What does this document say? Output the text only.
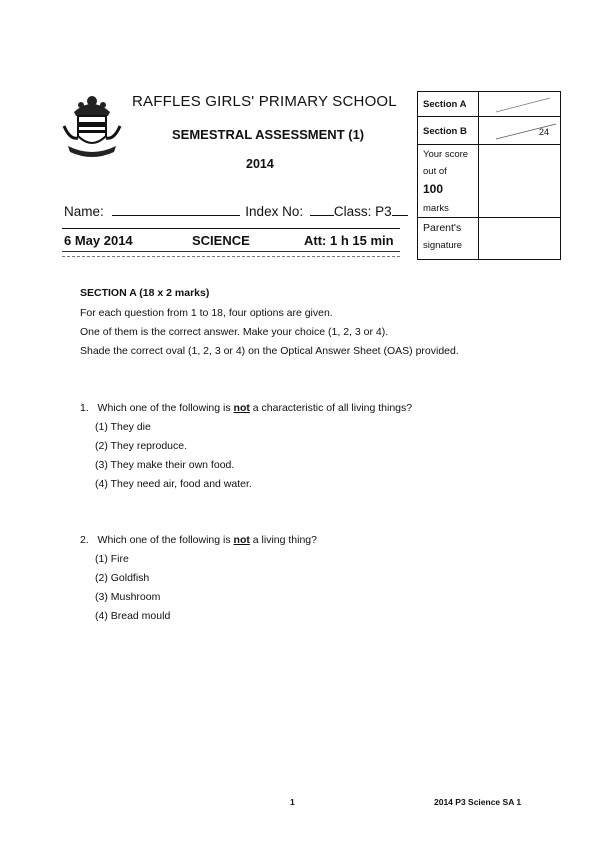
RAFFLES GIRLS' PRIMARY SCHOOL
SEMESTRAL ASSESSMENT (1)
2014
Name:	Index No: Class: P3
6 May 2014	SCIENCE	Att: 1 h 15 min
Section A
Section B	24
Your score
out of
100
marks
Parent's
signature
SECTION A (18 x 2 marks)
For each question from 1 to 18, four options are given.
One of them is the correct answer. Make your choice (1, 2, 3 or 4).
Shade the correct oval (1, 2, 3 or 4) on the Optical Answer Sheet (OAS) provided.
1. Which one of the following is not a characteristic of all living things?
(1) They die
(2) They reproduce.
(3) They make their own food.
(4) They need air, food and water.
2. Which one of the following is not a living thing?
(1) Fire
(2) Goldfish
(3) Mushroom
(4) Bread mould
1	2014 P3 Science SA 1
